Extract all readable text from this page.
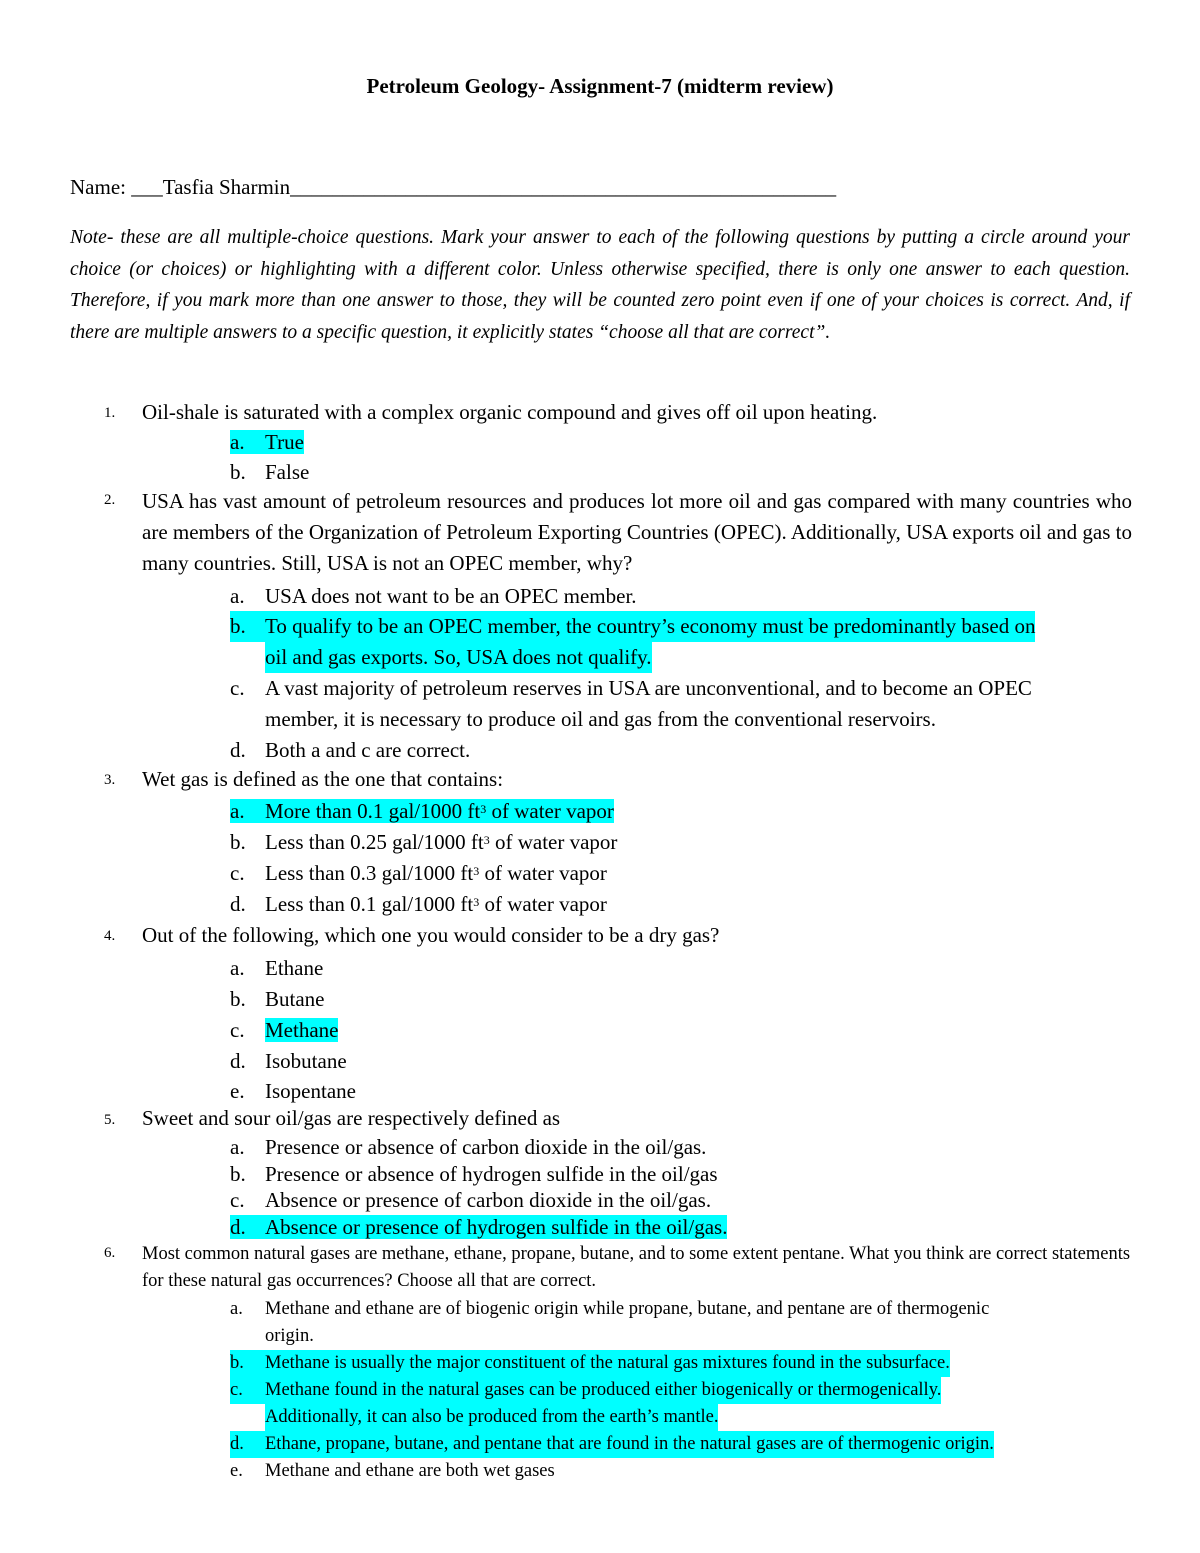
Petroleum Geology- Assignment-7 (midterm review)
Name: ___Tasfia Sharmin____________________________________________________
Note- these are all multiple-choice questions. Mark your answer to each of the following questions by putting a circle around your choice (or choices) or highlighting with a different color. Unless otherwise specified, there is only one answer to each question. Therefore, if you mark more than one answer to those, they will be counted zero point even if one of your choices is correct. And, if there are multiple answers to a specific question, it explicitly states “choose all that are correct”.
1. Oil-shale is saturated with a complex organic compound and gives off oil upon heating.
a. True
b. False
2. USA has vast amount of petroleum resources and produces lot more oil and gas compared with many countries who are members of the Organization of Petroleum Exporting Countries (OPEC). Additionally, USA exports oil and gas to many countries. Still, USA is not an OPEC member, why?
a. USA does not want to be an OPEC member.
b. To qualify to be an OPEC member, the country’s economy must be predominantly based on
oil and gas exports. So, USA does not qualify.
c. A vast majority of petroleum reserves in USA are unconventional, and to become an OPEC
member, it is necessary to produce oil and gas from the conventional reservoirs.
d. Both a and c are correct.
3. Wet gas is defined as the one that contains:
a. More than 0.1 gal/1000 $ft^3$ of water vapor
b. Less than 0.25 gal/1000 $ft^3$ of water vapor
c. Less than 0.3 gal/1000 $ft^3$ of water vapor
d. Less than 0.1 gal/1000 $ft^3$ of water vapor
4. Out of the following, which one you would consider to be a dry gas?
a. Ethane
b. Butane
c. Methane
d. Isobutane
e. Isopentane
5. Sweet and sour oil/gas are respectively defined as
a. Presence or absence of carbon dioxide in the oil/gas.
b. Presence or absence of hydrogen sulfide in the oil/gas
c. Absence or presence of carbon dioxide in the oil/gas.
d. Absence or presence of hydrogen sulfide in the oil/gas.
6. Most common natural gases are methane, ethane, propane, butane, and to some extent pentane. What you think are correct statements for these natural gas occurrences? Choose all that are correct.
a. Methane and ethane are of biogenic origin while propane, butane, and pentane are of thermogenic
origin.
b.	Methane is usually the major constituent of the natural gas mixtures found in the subsurface.
c.	Methane found in the natural gases can be produced either biogenically or thermogenically.
Additionally, it can also be produced from the earth’s mantle.
d.	Ethane, propane, butane, and pentane that are found in the natural gases are of thermogenic origin.
e. Methane and ethane are both wet gases
